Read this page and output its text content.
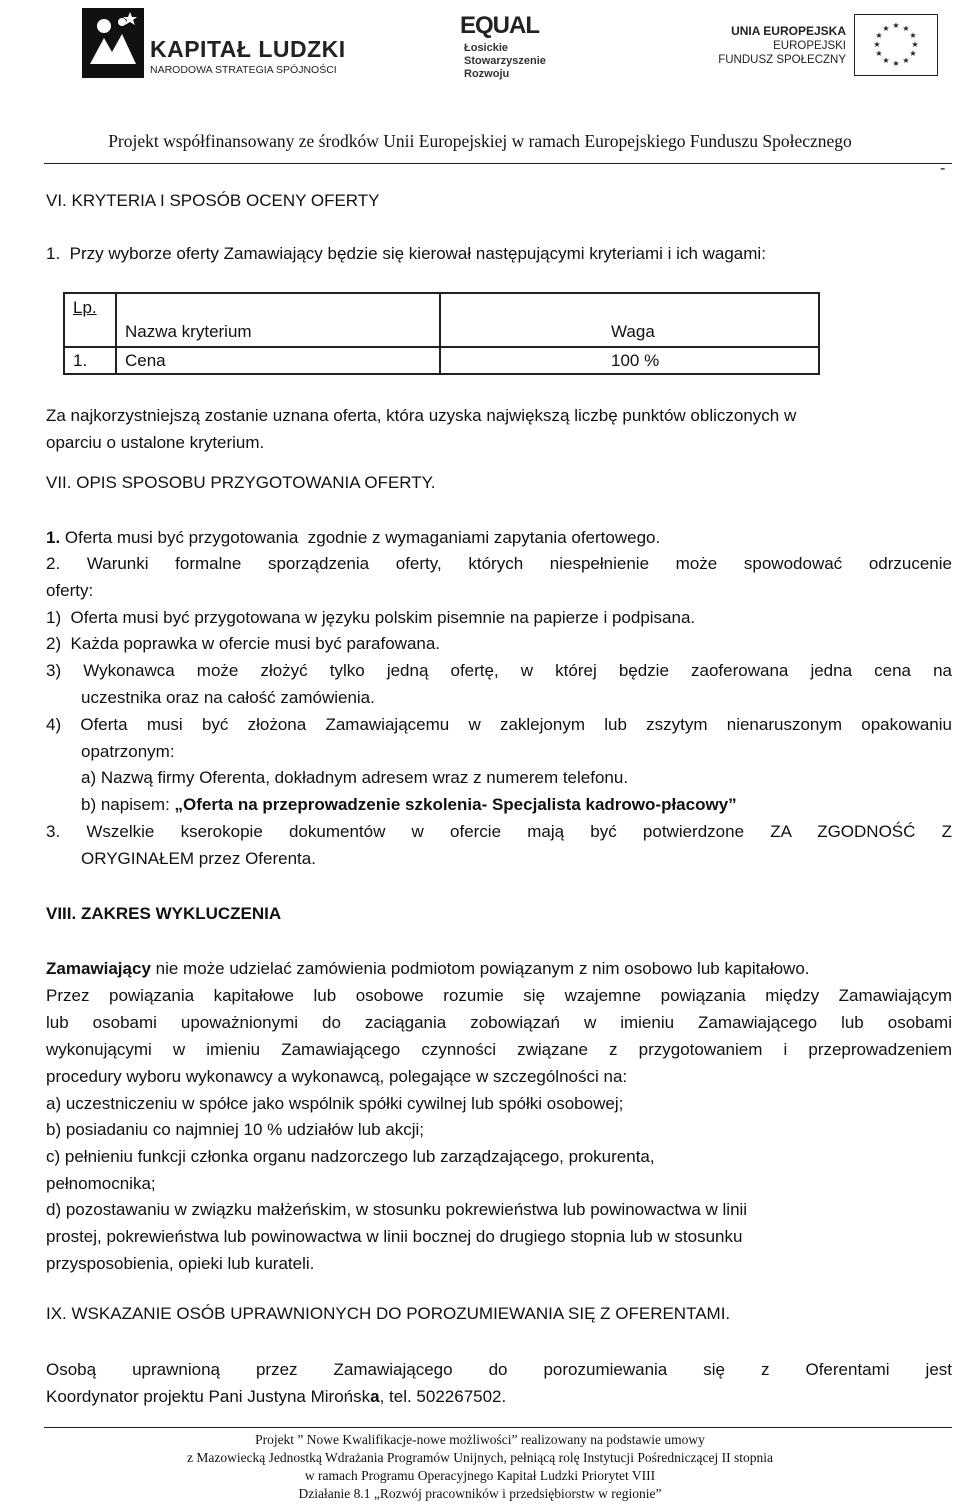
KAPITAŁ LUDZKI
NARODOWA STRATEGIA SPÓJNOŚCI
EQUAL
Łosickie
Stowarzyszenie
Rozwoju
UNIA EUROPEJSKA
EUROPEJSKI
FUNDUSZ SPOŁECZNY
★ ★
★
★
★
★
★
★
★
★
★
★
Projekt współfinansowany ze środków Unii Europejskiej w ramach Europejskiego Funduszu Społecznego
-
VI. KRYTERIA I SPOSÓB OCENY OFERTY
1.  Przy wyborze oferty Zamawiający będzie się kierował następującymi kryteriami i ich wagami:
Lp.	Nazwa kryterium	Waga
1.	Cena	100 %
Za najkorzystniejszą zostanie uznana oferta, która uzyska największą liczbę punktów obliczonych w
oparciu o ustalone kryterium.
VII. OPIS SPOSOBU PRZYGOTOWANIA OFERTY.
1. Oferta musi być przygotowania  zgodnie z wymaganiami zapytania ofertowego.
2. Warunki formalne sporządzenia oferty, których niespełnienie może spowodować odrzucenie
oferty:
1)  Oferta musi być przygotowana w języku polskim pisemnie na papierze i podpisana.
2)  Każda poprawka w ofercie musi być parafowana.
3) Wykonawca może złożyć tylko jedną ofertę, w której będzie zaoferowana jedna cena na
uczestnika oraz na całość zamówienia.
4) Oferta musi być złożona Zamawiającemu w zaklejonym lub zszytym nienaruszonym opakowaniu
opatrzonym:
a) Nazwą firmy Oferenta, dokładnym adresem wraz z numerem telefonu.
b) napisem: „Oferta na przeprowadzenie szkolenia- Specjalista kadrowo-płacowy”
3. Wszelkie kserokopie dokumentów w ofercie mają być potwierdzone ZA ZGODNOŚĆ Z
ORYGINAŁEM przez Oferenta.
VIII. ZAKRES WYKLUCZENIA
Zamawiający nie może udzielać zamówienia podmiotom powiązanym z nim osobowo lub kapitałowo.
Przez powiązania kapitałowe lub osobowe rozumie się wzajemne powiązania między Zamawiającym
lub osobami upoważnionymi do zaciągania zobowiązań w imieniu Zamawiającego lub osobami
wykonującymi w imieniu Zamawiającego czynności związane z przygotowaniem i przeprowadzeniem
procedury wyboru wykonawcy a wykonawcą, polegające w szczególności na:
a) uczestniczeniu w spółce jako wspólnik spółki cywilnej lub spółki osobowej;
b) posiadaniu co najmniej 10 % udziałów lub akcji;
c) pełnieniu funkcji członka organu nadzorczego lub zarządzającego, prokurenta,
pełnomocnika;
d) pozostawaniu w związku małżeńskim, w stosunku pokrewieństwa lub powinowactwa w linii
prostej, pokrewieństwa lub powinowactwa w linii bocznej do drugiego stopnia lub w stosunku
przysposobienia, opieki lub kurateli.
IX. WSKAZANIE OSÓB UPRAWNIONYCH DO POROZUMIEWANIA SIĘ Z OFERENTAMI.
Osobą uprawnioną przez Zamawiającego do porozumiewania się z Oferentami jest
Koordynator projektu Pani Justyna Mirońska, tel. 502267502.
Projekt ” Nowe Kwalifikacje-nowe możliwości” realizowany na podstawie umowy
z Mazowiecką Jednostką Wdrażania Programów Unijnych, pełniącą rolę Instytucji Pośredniczącej II stopnia
w ramach Programu Operacyjnego Kapitał Ludzki Priorytet VIII
Działanie 8.1 „Rozwój pracowników i przedsiębiorstw w regionie”
